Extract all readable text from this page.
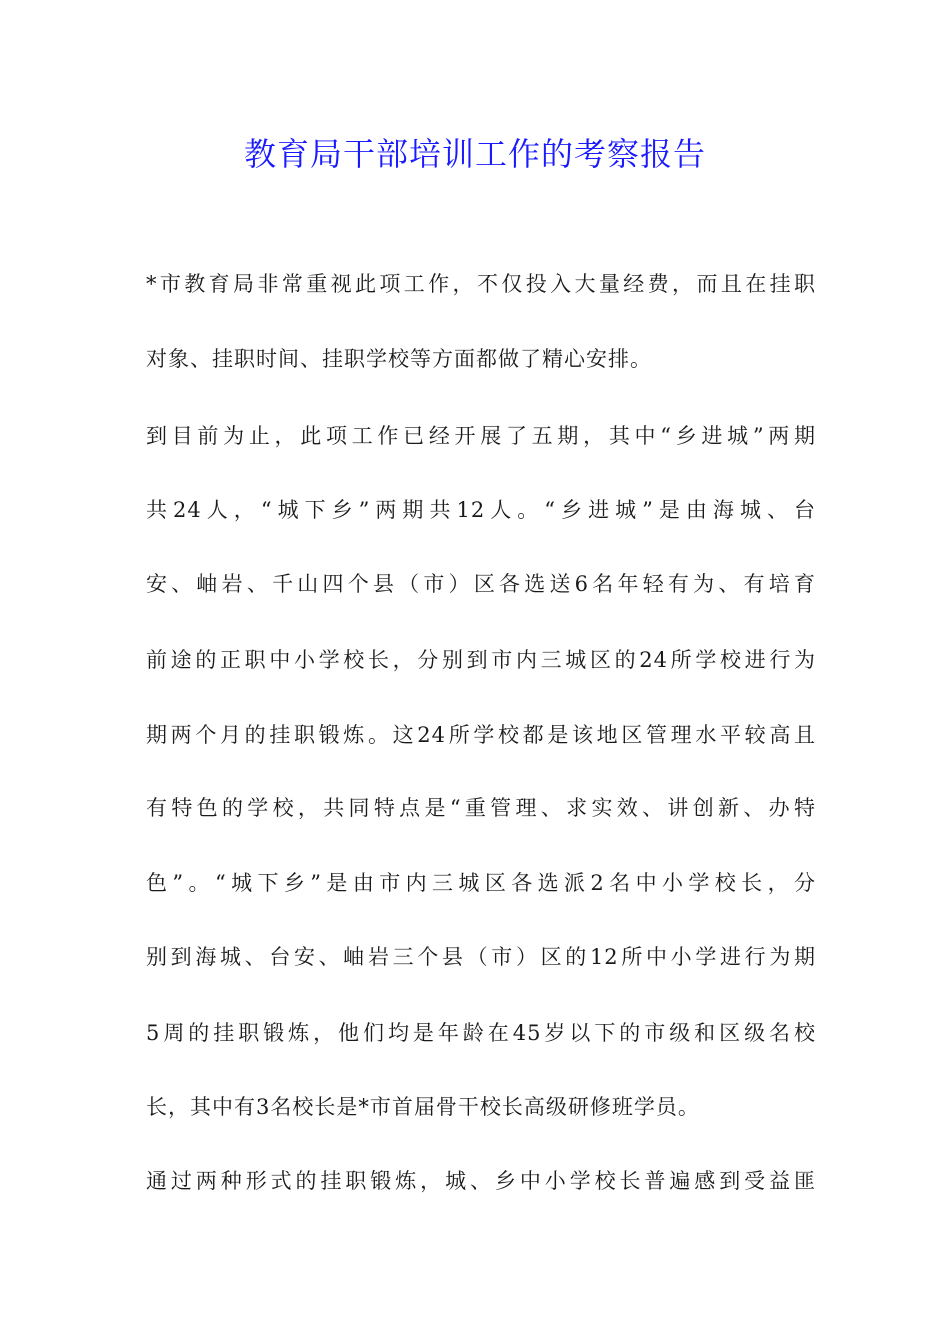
教育局干部培训工作的考察报告
*市教育局非常重视此项工作，不仅投入大量经费，而且在挂职
对象、挂职时间、挂职学校等方面都做了精心安排。
到目前为止，此项工作已经开展了五期，其中“乡进城”两期
共24人，“城下乡”两期共12人。“乡进城”是由海城、台
安、岫岩、千山四个县（市）区各选送6名年轻有为、有培育
前途的正职中小学校长，分别到市内三城区的24所学校进行为
期两个月的挂职锻炼。这24所学校都是该地区管理水平较高且
有特色的学校，共同特点是“重管理、求实效、讲创新、办特
色”。“城下乡”是由市内三城区各选派2名中小学校长，分
别到海城、台安、岫岩三个县（市）区的12所中小学进行为期
5周的挂职锻炼，他们均是年龄在45岁以下的市级和区级名校
长，其中有3名校长是*市首届骨干校长高级研修班学员。
通过两种形式的挂职锻炼，城、乡中小学校长普遍感到受益匪
